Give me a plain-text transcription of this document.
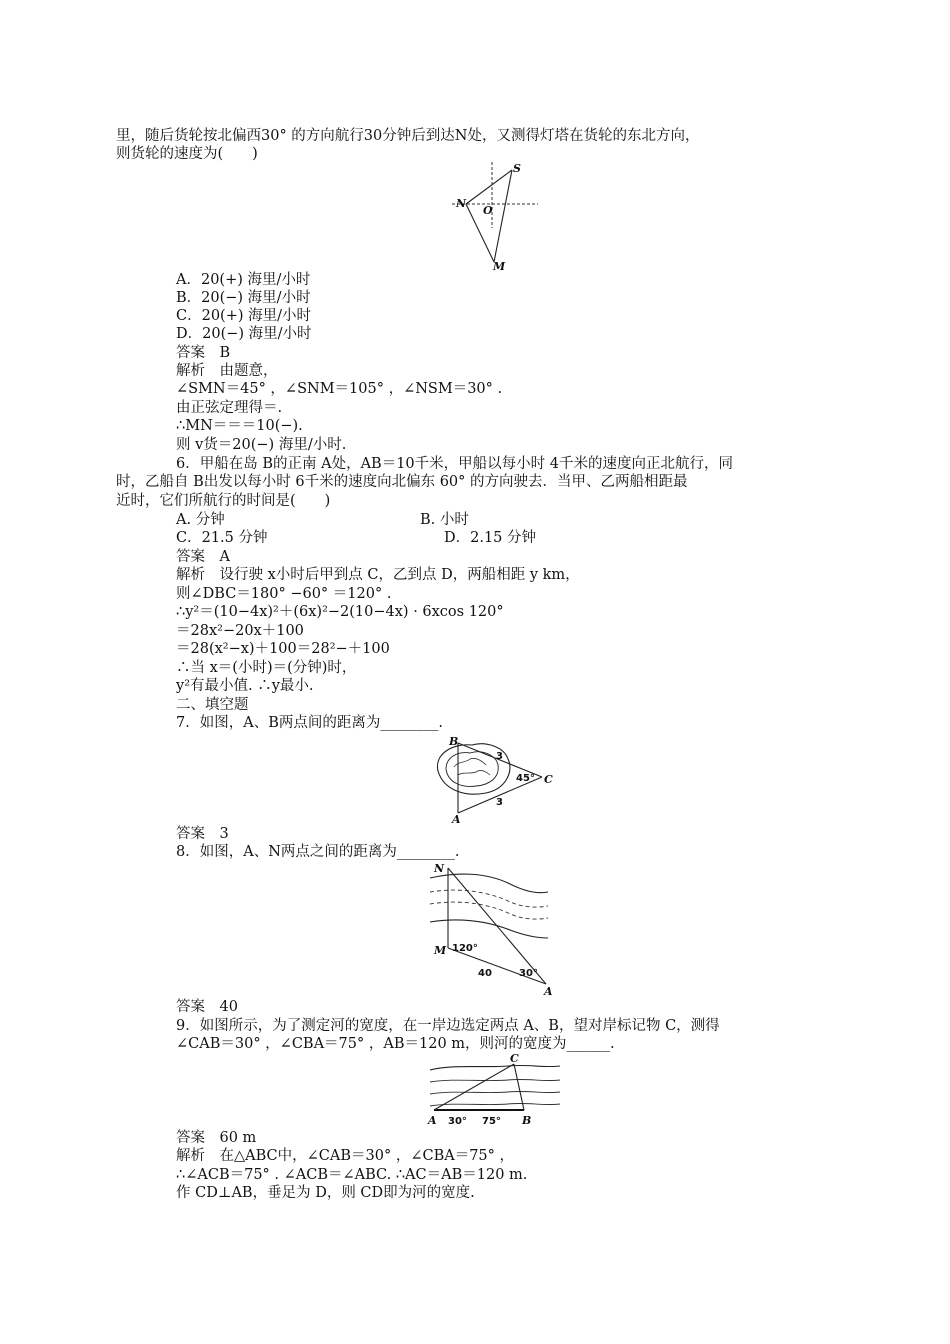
里，随后货轮按北偏西30° 的方向航行30分钟后到达N处，又测得灯塔在货轮的东北方向，
则货轮的速度为(　　)
S
N
O
M
A．20(+) 海里/小时
B．20(−) 海里/小时
C．20(+) 海里/小时
D．20(−) 海里/小时
答案　B
解析　由题意，
∠SMN＝45° ，∠SNM＝105° ，∠NSM＝30° .
由正弦定理得＝.
∴MN＝＝＝10(−).
则 v货＝20(−) 海里/小时.
6．甲船在岛 B的正南 A处，AB＝10千米，甲船以每小时 4千米的速度向正北航行，同
时，乙船自 B出发以每小时 6千米的速度向北偏东 60° 的方向驶去．当甲、乙两船相距最
近时，它们所航行的时间是(　　)
A. 分钟	B. 小时
C．21.5 分钟	D．2.15 分钟
答案　A
解析　设行驶 x小时后甲到点 C，乙到点 D，两船相距 y km，
则∠DBC＝180° −60° ＝120° .
∴y²＝(10−4x)²＋(6x)²−2(10−4x) · 6xcos 120°
＝28x²−20x＋100
＝28(x²−x)＋100＝28²−＋100
∴当 x＝(小时)＝(分钟)时，
y²有最小值. ∴y最小.
二、填空题
7．如图，A、B两点间的距离为________.
B
A
C
3
3
45°
答案　3
8．如图，A、N两点之间的距离为________.
N
M
A
120°
40	30°
答案　40
9．如图所示，为了测定河的宽度，在一岸边选定两点 A、B，望对岸标记物 C，测得
∠CAB＝30° ，∠CBA＝75° ，AB＝120 m，则河的宽度为______.
C
A	B
30° 75°
答案　60 m
解析　在△ABC中，∠CAB＝30° ，∠CBA＝75° ，
∴∠ACB＝75° . ∠ACB＝∠ABC. ∴AC＝AB＝120 m.
作 CD⊥AB，垂足为 D，则 CD即为河的宽度.
